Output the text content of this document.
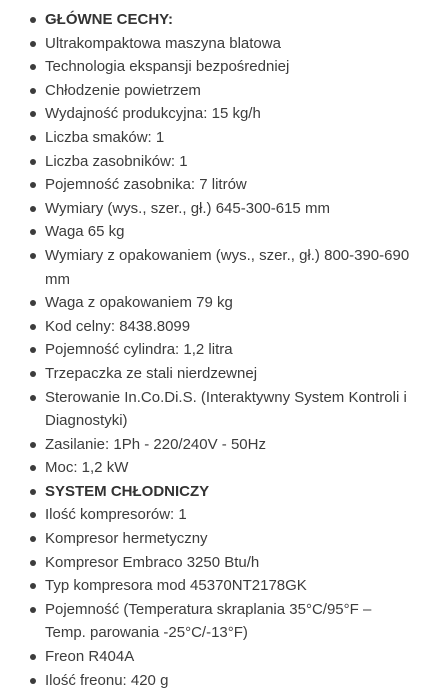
GŁÓWNE CECHY:
Ultrakompaktowa maszyna blatowa
Technologia ekspansji bezpośredniej
Chłodzenie powietrzem
Wydajność produkcyjna: 15 kg/h
Liczba smaków: 1
Liczba zasobników: 1
Pojemność zasobnika: 7 litrów
Wymiary (wys., szer., gł.) 645-300-615 mm
Waga 65 kg
Wymiary z opakowaniem (wys., szer., gł.) 800-390-690 mm
Waga z opakowaniem 79 kg
Kod celny: 8438.8099
Pojemność cylindra: 1,2 litra
Trzepaczka ze stali nierdzewnej
Sterowanie In.Co.Di.S. (Interaktywny System Kontroli i Diagnostyki)
Zasilanie: 1Ph - 220/240V - 50Hz
Moc: 1,2 kW
SYSTEM CHŁODNICZY
Ilość kompresorów: 1
Kompresor hermetyczny
Kompresor Embraco 3250 Btu/h
Typ kompresora mod 45370NT2178GK
Pojemność (Temperatura skraplania 35°C/95°F – Temp. parowania -25°C/-13°F)
Freon R404A
Ilość freonu: 420 g
